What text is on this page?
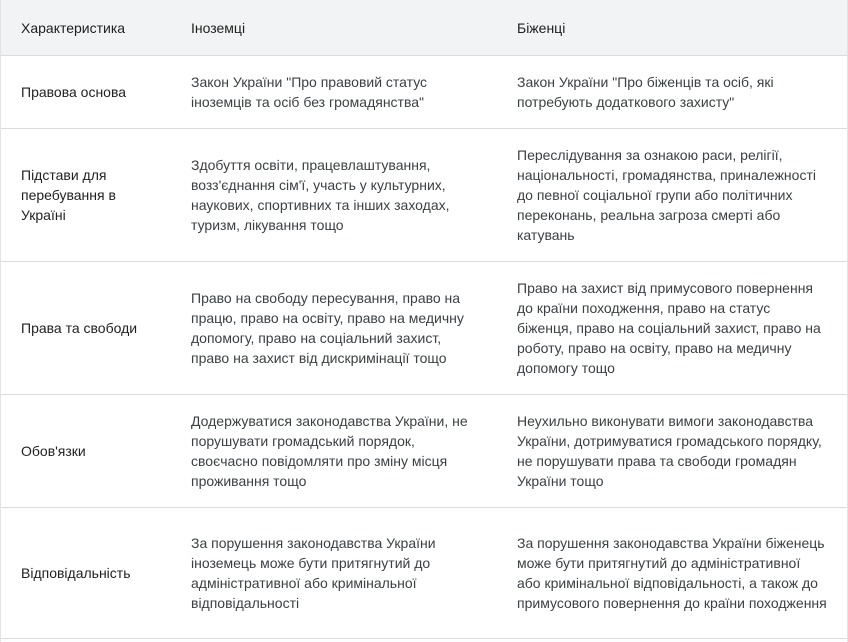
Характеристика	Іноземці	Біженці
Правова основа	Закон України "Про правовий статус іноземців та осіб без громадянства"	Закон України "Про біженців та осіб, які потребують додаткового захисту"
Підстави для перебування в Україні	Здобуття освіти, працевлаштування, возз'єднання сім'ї, участь у культурних, наукових, спортивних та інших заходах, туризм, лікування тощо	Переслідування за ознакою раси, релігії, національності, громадянства, приналежності до певної соціальної групи або політичних переконань, реальна загроза смерті або катувань
Права та свободи	Право на свободу пересування, право на працю, право на освіту, право на медичну допомогу, право на соціальний захист, право на захист від дискримінації тощо	Право на захист від примусового повернення до країни походження, право на статус біженця, право на соціальний захист, право на роботу, право на освіту, право на медичну допомогу тощо
Обов'язки	Додержуватися законодавства України, не порушувати громадський порядок, своєчасно повідомляти про зміну місця проживання тощо	Неухильно виконувати вимоги законодавства України, дотримуватися громадського порядку, не порушувати права та свободи громадян України тощо
Відповідальність	За порушення законодавства України іноземець може бути притягнутий до адміністративної або кримінальної відповідальності	За порушення законодавства України біженець може бути притягнутий до адміністративної або кримінальної відповідальності, а також до примусового повернення до країни походження
